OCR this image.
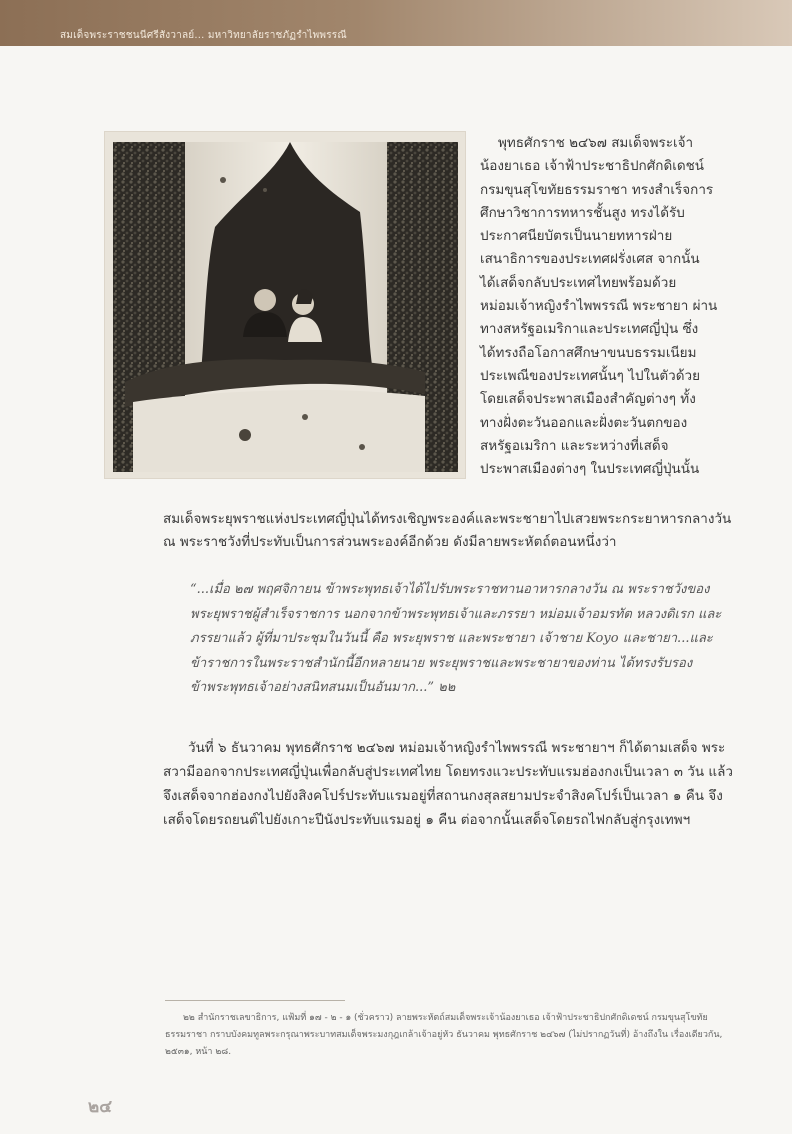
สมเด็จพระราชชนนีศรีสังวาลย์... มหาวิทยาลัยราชภัฏรำไพพรรณี
พุทธศักราช ๒๔๖๗ สมเด็จพระเจ้า
น้องยาเธอ เจ้าฟ้าประชาธิปกศักดิเดชน์
กรมขุนสุโขทัยธรรมราชา ทรงสำเร็จการ
ศึกษาวิชาการทหารชั้นสูง ทรงได้รับ
ประกาศนียบัตรเป็นนายทหารฝ่าย
เสนาธิการของประเทศฝรั่งเศส จากนั้น
ได้เสด็จกลับประเทศไทยพร้อมด้วย
หม่อมเจ้าหญิงรำไพพรรณี พระชายา ผ่าน
ทางสหรัฐอเมริกาและประเทศญี่ปุ่น ซึ่ง
ได้ทรงถือโอกาสศึกษาขนบธรรมเนียม
ประเพณีของประเทศนั้นๆ ไปในตัวด้วย
โดยเสด็จประพาสเมืองสำคัญต่างๆ ทั้ง
ทางฝั่งตะวันออกและฝั่งตะวันตกของ
สหรัฐอเมริกา และระหว่างที่เสด็จ
ประพาสเมืองต่างๆ ในประเทศญี่ปุ่นนั้น
สมเด็จพระยุพราชแห่งประเทศญี่ปุ่นได้ทรงเชิญพระองค์และพระชายาไปเสวยพระกระยาหารกลางวัน
ณ พระราชวังที่ประทับเป็นการส่วนพระองค์อีกด้วย ดังมีลายพระหัตถ์ตอนหนึ่งว่า
“...เมื่อ ๒๗ พฤศจิกายน ข้าพระพุทธเจ้าได้ไปรับพระราชทานอาหารกลางวัน ณ พระราชวังของ
พระยุพราชผู้สำเร็จราชการ นอกจากข้าพระพุทธเจ้าและภรรยา หม่อมเจ้าอมรทัต หลวงดิเรก และ
ภรรยาแล้ว ผู้ที่มาประชุมในวันนี้ คือ พระยุพราช และพระชายา เจ้าชาย Koyo และชายา...และ
ข้าราชการในพระราชสำนักนี้อีกหลายนาย พระยุพราชและพระชายาของท่าน ได้ทรงรับรอง
ข้าพระพุทธเจ้าอย่างสนิทสนมเป็นอันมาก...” ๒๒
วันที่ ๖ ธันวาคม พุทธศักราช ๒๔๖๗ หม่อมเจ้าหญิงรำไพพรรณี พระชายาฯ ก็ได้ตามเสด็จ พระ
สวามีออกจากประเทศญี่ปุ่นเพื่อกลับสู่ประเทศไทย โดยทรงแวะประทับแรมฮ่องกงเป็นเวลา ๓ วัน แล้ว
จึงเสด็จจากฮ่องกงไปยังสิงคโปร์ประทับแรมอยู่ที่สถานกงสุลสยามประจำสิงคโปร์เป็นเวลา ๑ คืน จึง
เสด็จโดยรถยนต์ไปยังเกาะปีนังประทับแรมอยู่ ๑ คืน ต่อจากนั้นเสด็จโดยรถไฟกลับสู่กรุงเทพฯ
๒๒ สำนักราชเลขาธิการ, แฟ้มที่ ๑๗ - ๒ - ๑ (ชั่วคราว) ลายพระหัตถ์สมเด็จพระเจ้าน้องยาเธอ เจ้าฟ้าประชาธิปกศักดิเดชน์ กรมขุนสุโขทัย
ธรรมราชา กราบบังคมทูลพระกรุณาพระบาทสมเด็จพระมงกุฎเกล้าเจ้าอยู่หัว ธันวาคม พุทธศักราช ๒๔๖๗ (ไม่ปรากฏวันที่) อ้างถึงใน เรื่องเดียวกัน,
๒๕๓๑, หน้า ๒๘.
๒๔
